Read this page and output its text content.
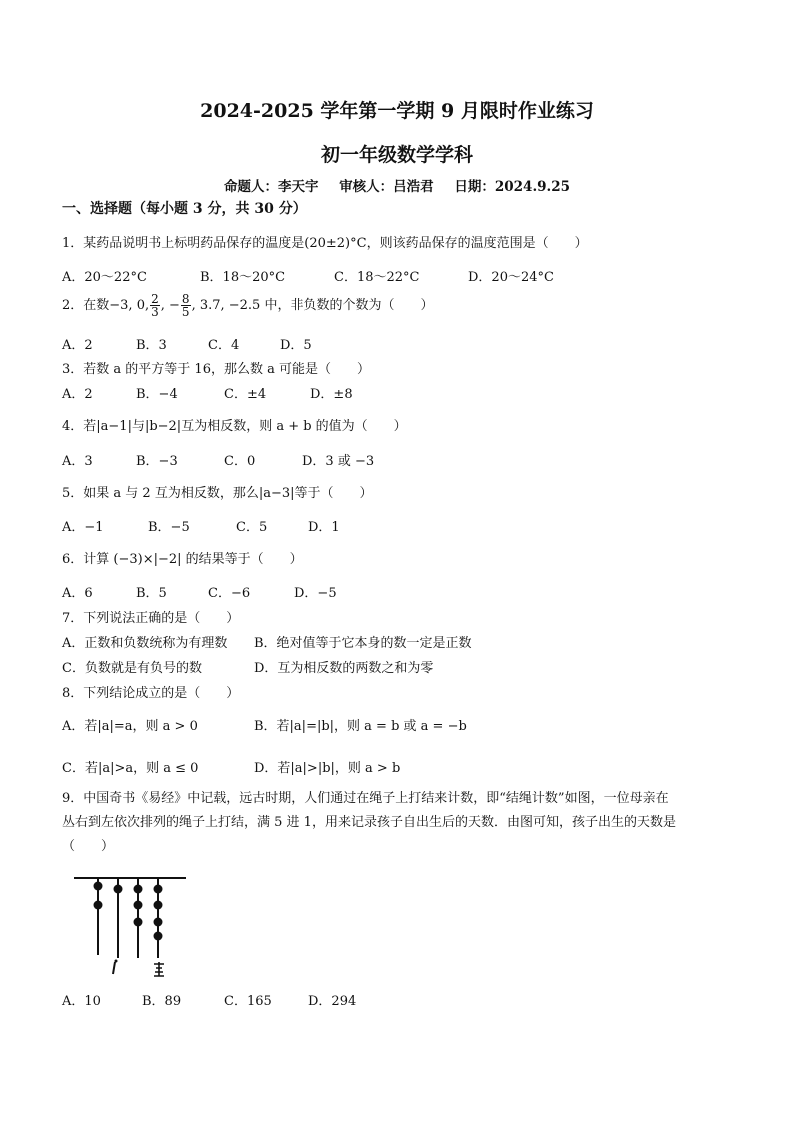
2024-2025 学年第一学期 9 月限时作业练习
初一年级数学学科
命题人：李天宇 审核人：吕浩君 日期：2024.9.25
一、选择题（每小题 3 分，共 30 分）
1．某药品说明书上标明药品保存的温度是(20±2)°C，则该药品保存的温度范围是（　　）
A．20～22°C	B．18～20°C	C．18～22°C	D．20～24°C
2．在数−3, 0, $\frac{2}{3}$ , − $\frac{8}{5}$ , 3.7, −2.5 中，非负数的个数为（　　）
A．2	B．3	C．4	D．5
3．若数 a 的平方等于 16，那么数 a 可能是（　　）
A．2	B．−4	C．±4	D．±8
4．若|a−1|与|b−2|互为相反数，则 a + b 的值为（　　）
A．3	B．−3	C．0	D．3 或 −3
5．如果 a 与 2 互为相反数，那么|a−3|等于（　　）
A．−1	B．−5	C．5	D．1
6．计算 (−3)×|−2| 的结果等于（　　）
A．6	B．5	C．−6	D．−5
7．下列说法正确的是（　　）
A．正数和负数统称为有理数 B．绝对值等于它本身的数一定是正数
C．负数就是有负号的数	D．互为相反数的两数之和为零
8．下列结论成立的是（　　）
A．若|a|=a，则 a > 0	B．若|a|=|b|，则 a = b 或 a = −b
C．若|a|>a，则 a ≤ 0	D．若|a|>|b|，则 a > b
9．中国奇书《易经》中记载，远古时期，人们通过在绳子上打结来计数，即“结绳计数”如图，一位母亲在
丛右到左依次排列的绳子上打结，满 5 进 1，用来记录孩子自出生后的天数．由图可知，孩子出生的天数是
（　　）
A．10	B．89	C．165	D．294
